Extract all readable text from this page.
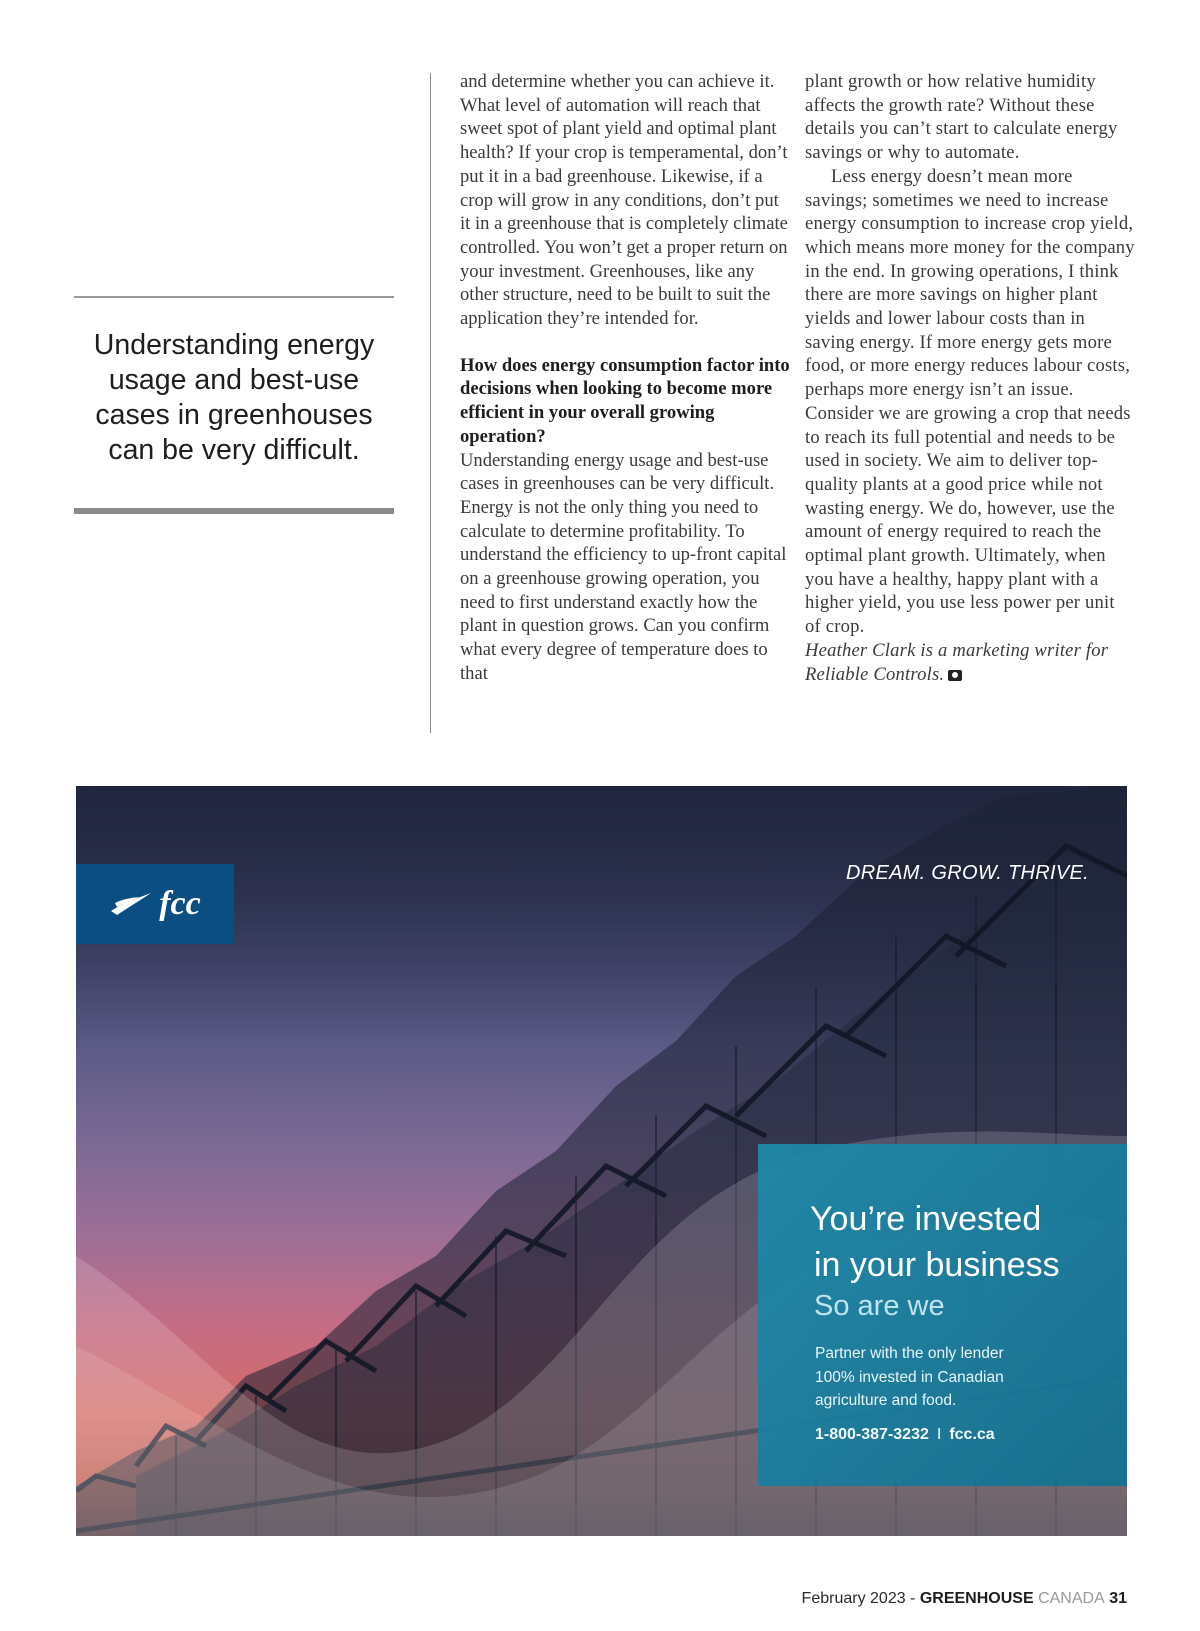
Understanding energy usage and best-use cases in greenhouses can be very difficult.

and determine whether you can achieve it. What level of automation will reach that sweet spot of plant yield and optimal plant health? If your crop is temperamental, don’t put it in a bad greenhouse. Likewise, if a crop will grow in any conditions, don’t put it in a greenhouse that is completely climate controlled. You won’t get a proper return on your investment. Greenhouses, like any other structure, need to be built to suit the application they’re intended for.

How does energy consumption factor into decisions when looking to become more efficient in your overall growing operation?

Understanding energy usage and best-use cases in greenhouses can be very difficult. Energy is not the only thing you need to calculate to determine profitability. To understand the efficiency to up-front capital on a greenhouse growing operation, you need to first understand exactly how the plant in question grows. Can you confirm what every degree of temperature does to that

plant growth or how relative humidity affects the growth rate? Without these details you can’t start to calculate energy savings or why to automate.

Less energy doesn’t mean more savings; sometimes we need to increase energy consumption to increase crop yield, which means more money for the company in the end. In growing operations, I think there are more savings on higher plant yields and lower labour costs than in saving energy. If more energy gets more food, or more energy reduces labour costs, perhaps more energy isn’t an issue. Consider we are growing a crop that needs to reach its full potential and needs to be used in society. We aim to deliver top-quality plants at a good price while not wasting energy. We do, however, use the amount of energy required to reach the optimal plant growth. Ultimately, when you have a healthy, happy plant with a higher yield, you use less power per unit of crop.

Heather Clark is a marketing writer for Reliable Controls.

fcc
DREAM. GROW. THRIVE.
You’re invested
in your business
So are we
Partner with the only lender
100% invested in Canadian
agriculture and food.
1-800-387-3232 I fcc.ca
February 2023 - GREENHOUSE CANADA 31
